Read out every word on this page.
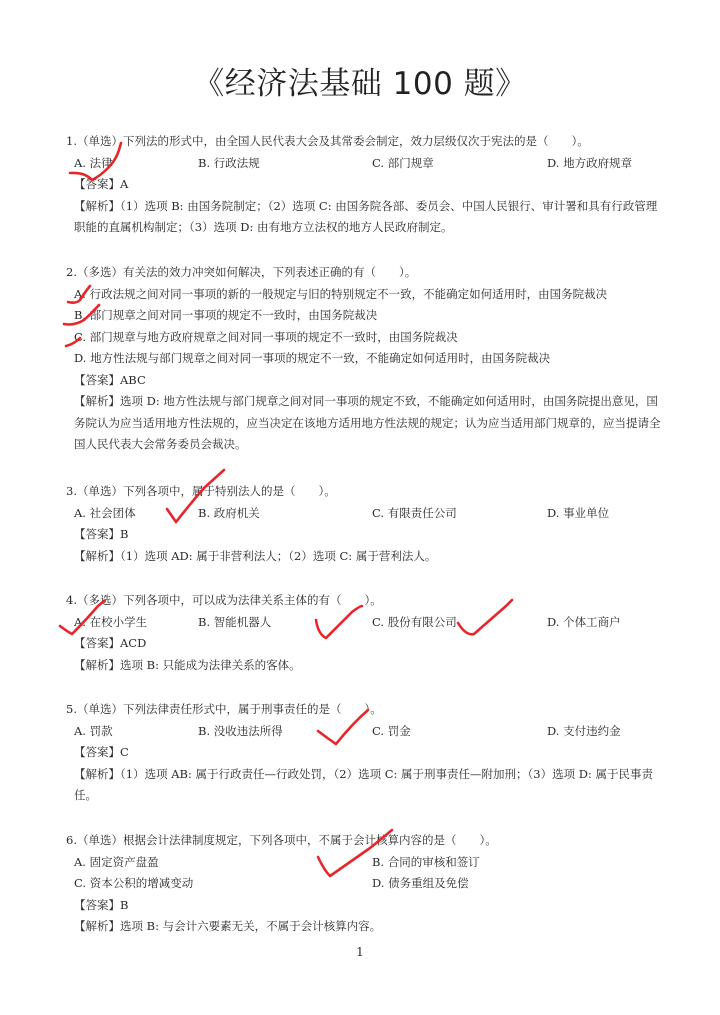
《经济法基础 100 题》
1.（单选）下列法的形式中，由全国人民代表大会及其常委会制定，效力层级仅次于宪法的是（　　）。
A. 法律	B. 行政法规	C. 部门规章	D. 地方政府规章
【答案】A
【解析】（1）选项 B: 由国务院制定；（2）选项 C: 由国务院各部、委员会、中国人民银行、审计署和具有行政管理职能的直属机构制定；（3）选项 D: 由有地方立法权的地方人民政府制定。
2.（多选）有关法的效力冲突如何解决，下列表述正确的有（　　）。
A. 行政法规之间对同一事项的新的一般规定与旧的特别规定不一致，不能确定如何适用时，由国务院裁决
B. 部门规章之间对同一事项的规定不一致时，由国务院裁决
C. 部门规章与地方政府规章之间对同一事项的规定不一致时，由国务院裁决
D. 地方性法规与部门规章之间对同一事项的规定不一致，不能确定如何适用时，由国务院裁决
【答案】ABC
【解析】选项 D: 地方性法规与部门规章之间对同一事项的规定不致，不能确定如何适用时，由国务院提出意见，国务院认为应当适用地方性法规的，应当决定在该地方适用地方性法规的规定；认为应当适用部门规章的，应当提请全国人民代表大会常务委员会裁决。
3.（单选）下列各项中，属于特别法人的是（　　）。
A. 社会团体	B. 政府机关	C. 有限责任公司	D. 事业单位
【答案】B
【解析】（1）选项 AD: 属于非营利法人；（2）选项 C: 属于营利法人。
4.（多选）下列各项中，可以成为法律关系主体的有（　　）。
A. 在校小学生	B. 智能机器人	C. 股份有限公司	D. 个体工商户
【答案】ACD
【解析】选项 B: 只能成为法律关系的客体。
5.（单选）下列法律责任形式中，属于刑事责任的是（　　）。
A. 罚款	B. 没收违法所得	C. 罚金	D. 支付违约金
【答案】C
【解析】（1）选项 AB: 属于行政责任—行政处罚，（2）选项 C: 属于刑事责任—附加刑；（3）选项 D: 属于民事责任。
6.（单选）根据会计法律制度规定，下列各项中，不属于会计核算内容的是（　　）。
A. 固定资产盘盈	B. 合同的审核和签订
C. 资本公积的增减变动	D. 债务重组及免偿
【答案】B
【解析】选项 B: 与会计六要素无关，不属于会计核算内容。
1
